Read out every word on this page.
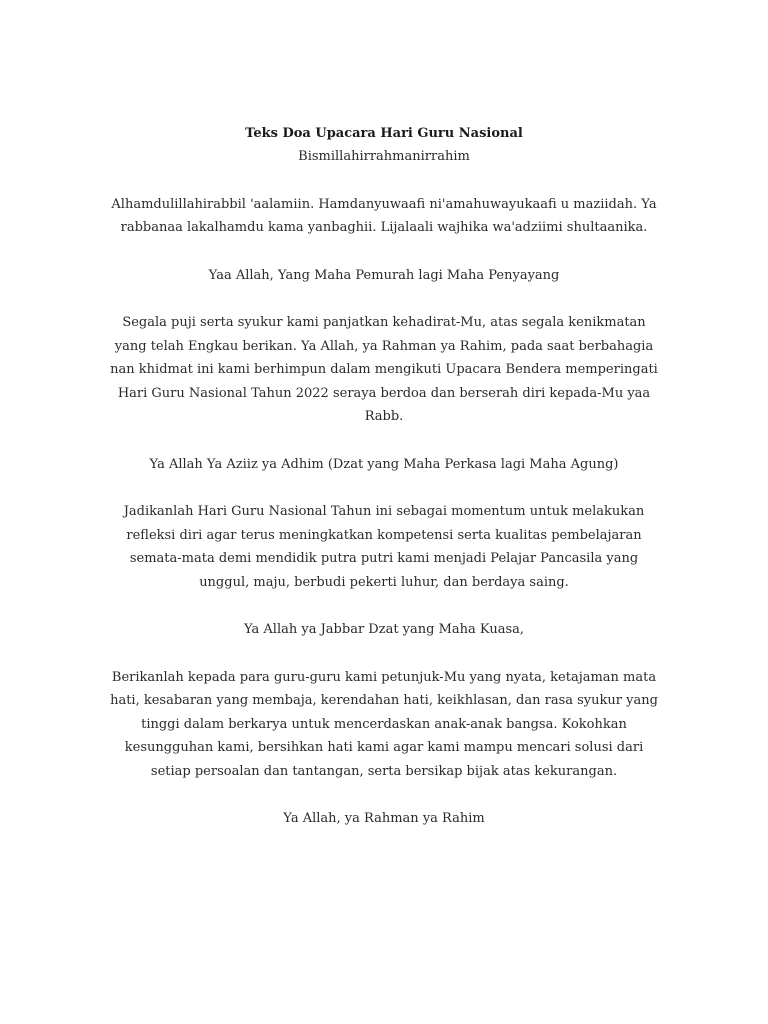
Teks Doa Upacara Hari Guru Nasional

Bismillahirrahmanirrahim

Alhamdulillahirabbil 'aalamiin. Hamdanyuwaafi ni'amahuwayukaafi u maziidah. Ya rabbanaa lakalhamdu kama yanbaghii. Lijalaali wajhika wa'adziimi shultaanika.

Yaa Allah, Yang Maha Pemurah lagi Maha Penyayang

Segala puji serta syukur kami panjatkan kehadirat-Mu, atas segala kenikmatan yang telah Engkau berikan. Ya Allah, ya Rahman ya Rahim, pada saat berbahagia nan khidmat ini kami berhimpun dalam mengikuti Upacara Bendera memperingati Hari Guru Nasional Tahun 2022 seraya berdoa dan berserah diri kepada-Mu yaa Rabb.

Ya Allah Ya Aziiz ya Adhim (Dzat yang Maha Perkasa lagi Maha Agung)

Jadikanlah Hari Guru Nasional Tahun ini sebagai momentum untuk melakukan refleksi diri agar terus meningkatkan kompetensi serta kualitas pembelajaran semata-mata demi mendidik putra putri kami menjadi Pelajar Pancasila yang unggul, maju, berbudi pekerti luhur, dan berdaya saing.

Ya Allah ya Jabbar Dzat yang Maha Kuasa,

Berikanlah kepada para guru-guru kami petunjuk-Mu yang nyata, ketajaman mata hati, kesabaran yang membaja, kerendahan hati, keikhlasan, dan rasa syukur yang tinggi dalam berkarya untuk mencerdaskan anak-anak bangsa. Kokohkan kesungguhan kami, bersihkan hati kami agar kami mampu mencari solusi dari setiap persoalan dan tantangan, serta bersikap bijak atas kekurangan.

Ya Allah, ya Rahman ya Rahim
